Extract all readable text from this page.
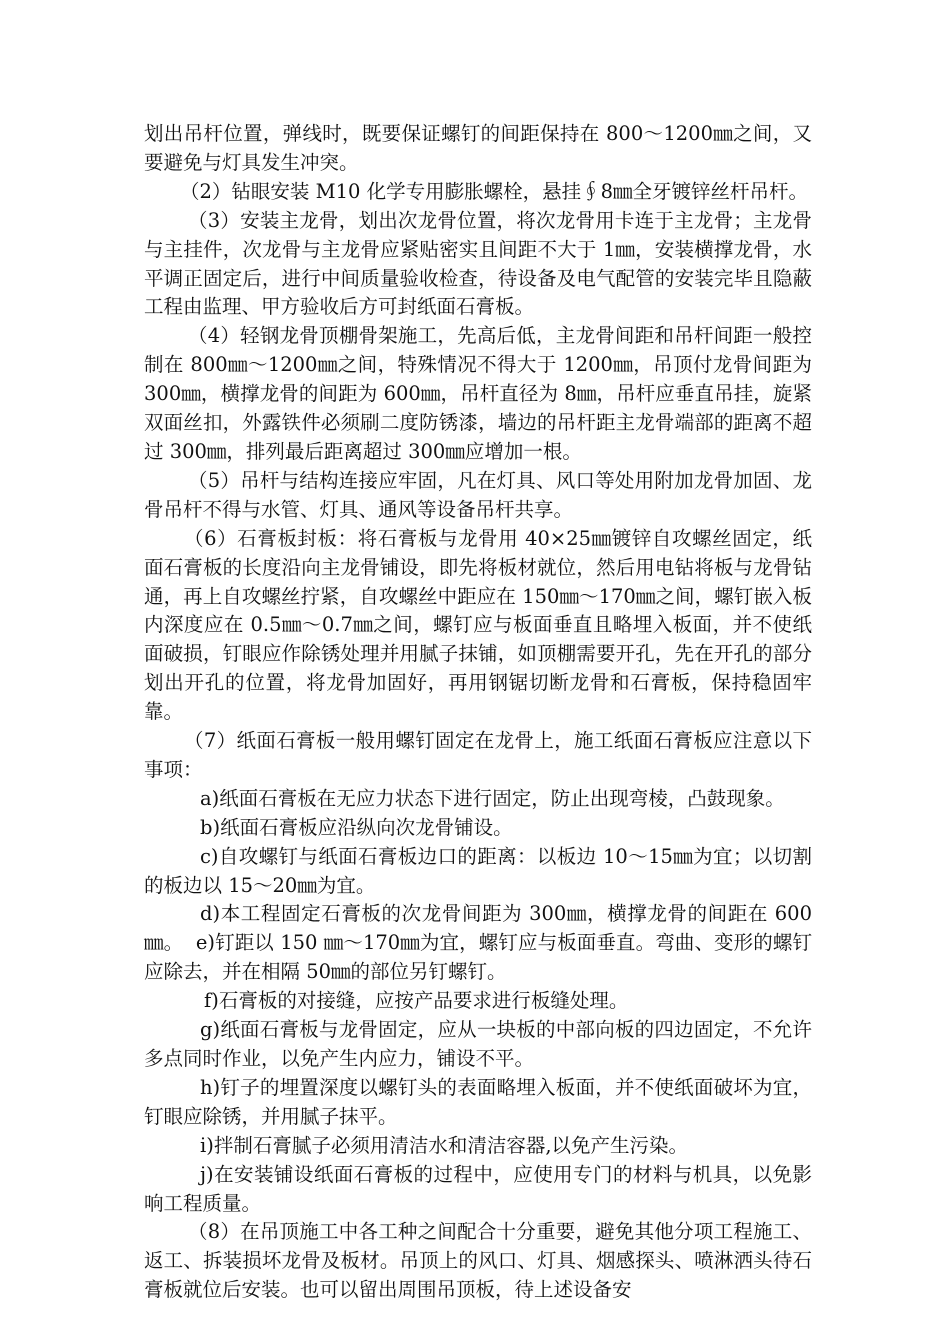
划出吊杆位置，弹线时，既要保证螺钉的间距保持在 800～1200㎜之间，又要避免与灯具发生冲突。

（2）钻眼安装 M10 化学专用膨胀螺栓，悬挂∮8㎜全牙镀锌丝杆吊杆。

（3）安装主龙骨，划出次龙骨位置，将次龙骨用卡连于主龙骨；主龙骨与主挂件，次龙骨与主龙骨应紧贴密实且间距不大于 1㎜，安装横撑龙骨，水平调正固定后，进行中间质量验收检查，待设备及电气配管的安装完毕且隐蔽工程由监理、甲方验收后方可封纸面石膏板。

（4）轻钢龙骨顶棚骨架施工，先高后低，主龙骨间距和吊杆间距一般控制在 800㎜～1200㎜之间，特殊情况不得大于 1200㎜，吊顶付龙骨间距为 300㎜，横撑龙骨的间距为 600㎜，吊杆直径为 8㎜，吊杆应垂直吊挂，旋紧双面丝扣，外露铁件必须刷二度防锈漆，墙边的吊杆距主龙骨端部的距离不超过 300㎜，排列最后距离超过 300㎜应增加一根。

（5）吊杆与结构连接应牢固，凡在灯具、风口等处用附加龙骨加固、龙骨吊杆不得与水管、灯具、通风等设备吊杆共享。

（6）石膏板封板：将石膏板与龙骨用 40×25㎜镀锌自攻螺丝固定，纸面石膏板的长度沿向主龙骨铺设，即先将板材就位，然后用电钻将板与龙骨钻通，再上自攻螺丝拧紧，自攻螺丝中距应在 150㎜～170㎜之间，螺钉嵌入板内深度应在 0.5㎜～0.7㎜之间，螺钉应与板面垂直且略埋入板面，并不使纸面破损，钉眼应作除锈处理并用腻子抹铺，如顶棚需要开孔，先在开孔的部分划出开孔的位置，将龙骨加固好，再用钢锯切断龙骨和石膏板，保持稳固牢靠。

（7）纸面石膏板一般用螺钉固定在龙骨上，施工纸面石膏板应注意以下事项：

a)纸面石膏板在无应力状态下进行固定，防止出现弯棱，凸鼓现象。

b)纸面石膏板应沿纵向次龙骨铺设。

c)自攻螺钉与纸面石膏板边口的距离：以板边 10～15㎜为宜；以切割的板边以 15～20㎜为宜。

d)本工程固定石膏板的次龙骨间距为 300㎜，横撑龙骨的间距在 600㎜。  e)钉距以 150 ㎜～170㎜为宜，螺钉应与板面垂直。弯曲、变形的螺钉应除去，并在相隔 50㎜的部位另钉螺钉。

f)石膏板的对接缝，应按产品要求进行板缝处理。

g)纸面石膏板与龙骨固定，应从一块板的中部向板的四边固定，不允许多点同时作业，以免产生内应力，铺设不平。

h)钉子的埋置深度以螺钉头的表面略埋入板面，并不使纸面破坏为宜，钉眼应除锈，并用腻子抹平。

i)拌制石膏腻子必须用清洁水和清洁容器,以免产生污染。

j)在安装铺设纸面石膏板的过程中，应使用专门的材料与机具，以免影响工程质量。

（8）在吊顶施工中各工种之间配合十分重要，避免其他分项工程施工、返工、拆装损坏龙骨及板材。吊顶上的风口、灯具、烟感探头、喷淋洒头待石膏板就位后安装。也可以留出周围吊顶板，待上述设备安
